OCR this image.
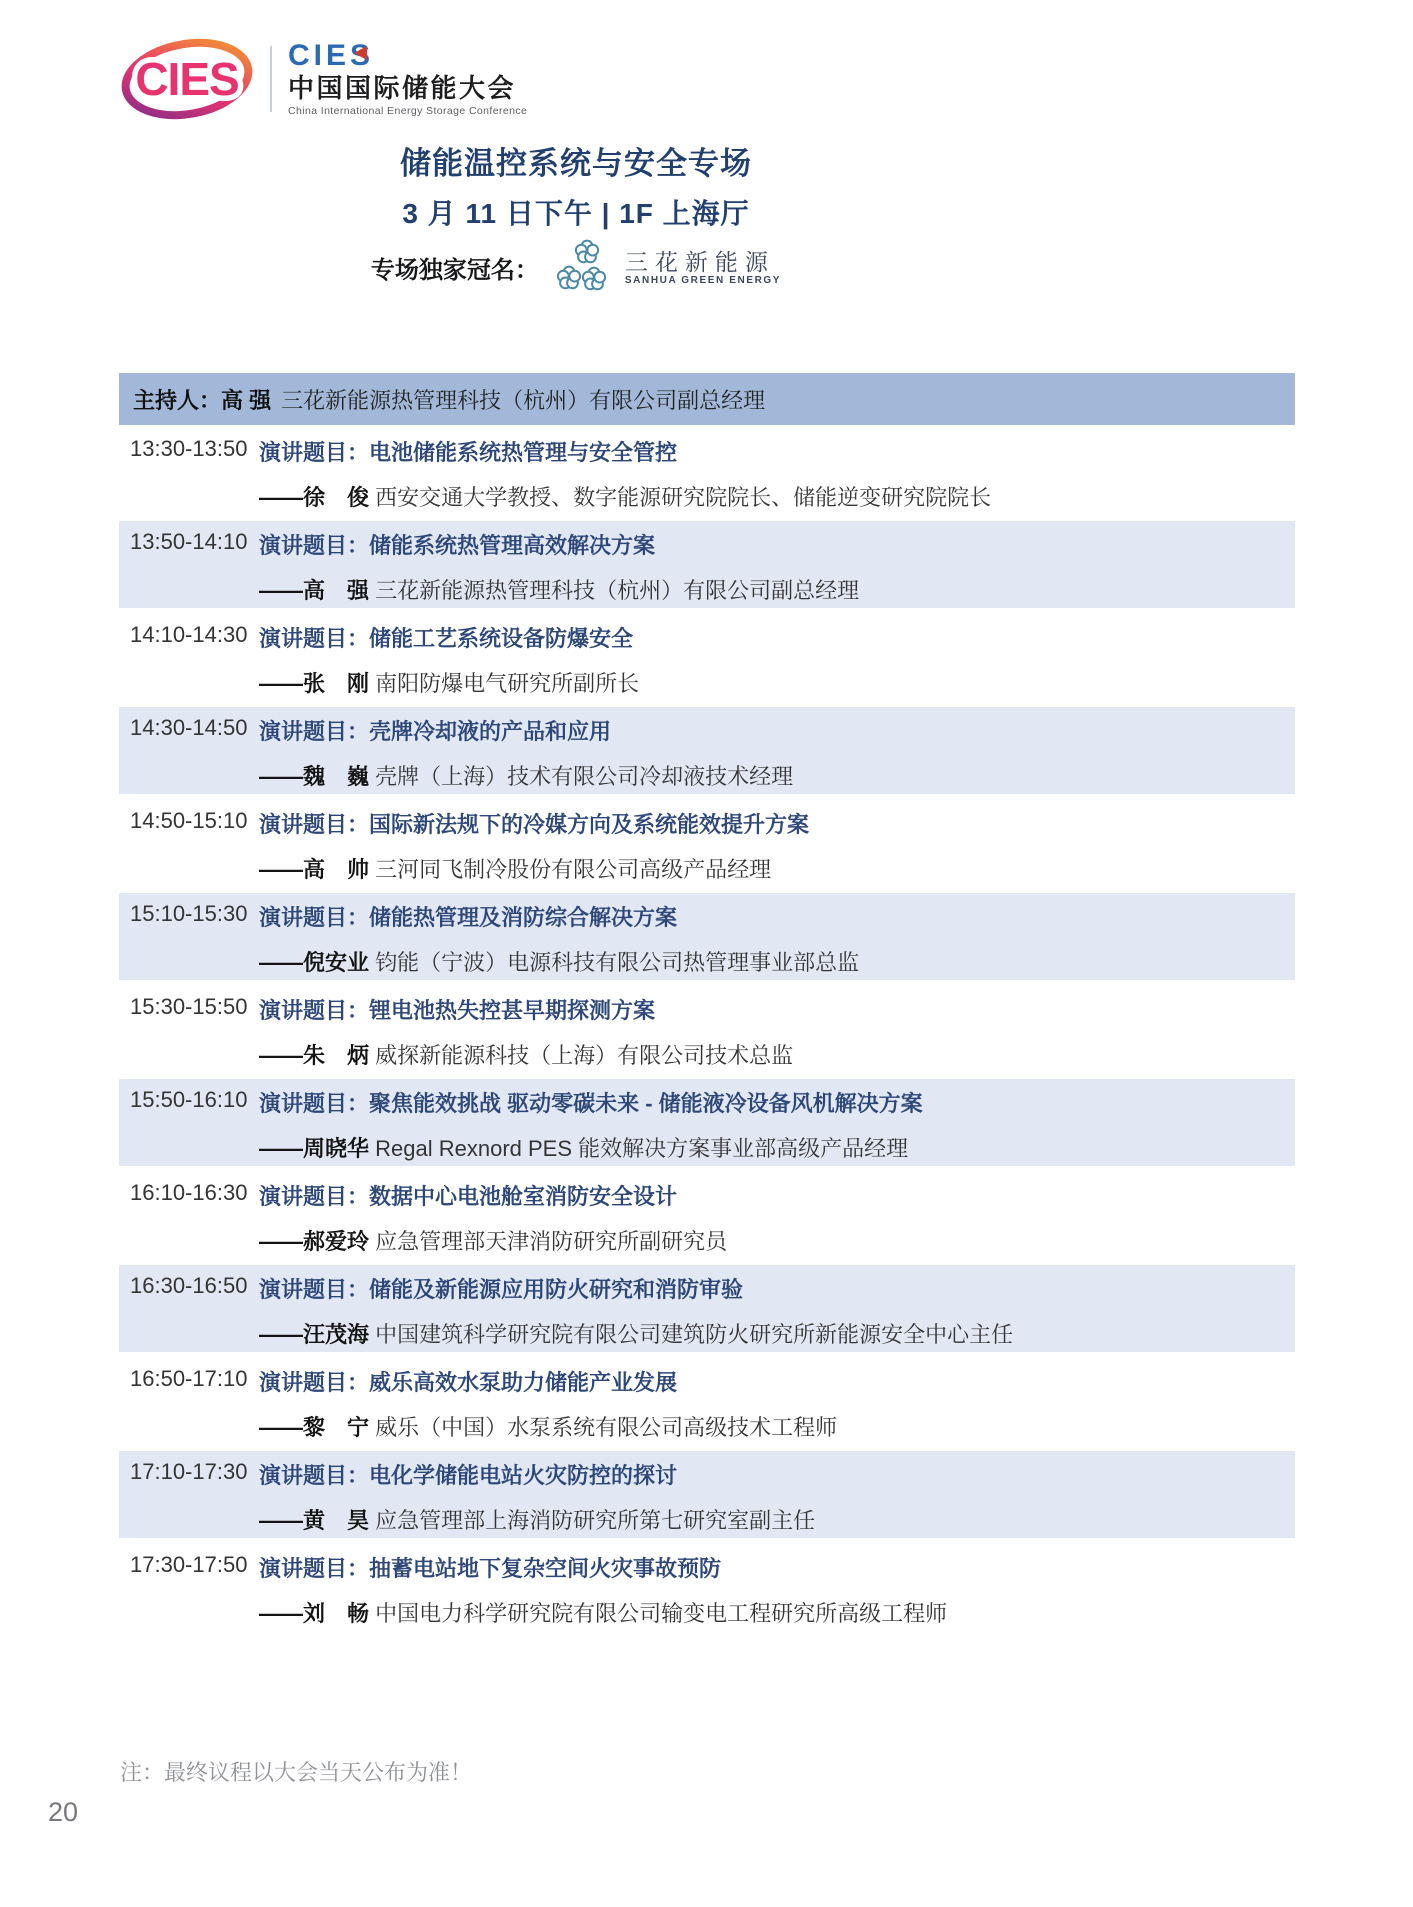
CIES CIES
中国国际储能大会
China International Energy Storage Conference
储能温控系统与安全专场
3 月 11 日下午 | 1F 上海厅
专场独家冠名：	三花新能源
SANHUA GREEN ENERGY
主持人：高 强 三花新能源热管理科技（杭州）有限公司副总经理
13:30-13:50 演讲题目：电池储能系统热管理与安全管控
——徐　俊 西安交通大学教授、数字能源研究院院长、储能逆变研究院院长
13:50-14:10 演讲题目：储能系统热管理高效解决方案
——高　强 三花新能源热管理科技（杭州）有限公司副总经理
14:10-14:30 演讲题目：储能工艺系统设备防爆安全
——张　刚 南阳防爆电气研究所副所长
14:30-14:50 演讲题目：壳牌冷却液的产品和应用
——魏　巍 壳牌（上海）技术有限公司冷却液技术经理
14:50-15:10 演讲题目：国际新法规下的冷媒方向及系统能效提升方案
——高　帅 三河同飞制冷股份有限公司高级产品经理
15:10-15:30 演讲题目：储能热管理及消防综合解决方案
——倪安业 钧能（宁波）电源科技有限公司热管理事业部总监
15:30-15:50 演讲题目：锂电池热失控甚早期探测方案
——朱　炳 威探新能源科技（上海）有限公司技术总监
15:50-16:10 演讲题目：聚焦能效挑战 驱动零碳未来 - 储能液冷设备风机解决方案
——周晓华 Regal Rexnord PES 能效解决方案事业部高级产品经理
16:10-16:30 演讲题目：数据中心电池舱室消防安全设计
——郝爱玲 应急管理部天津消防研究所副研究员
16:30-16:50 演讲题目：储能及新能源应用防火研究和消防审验
——汪茂海 中国建筑科学研究院有限公司建筑防火研究所新能源安全中心主任
16:50-17:10 演讲题目：威乐高效水泵助力储能产业发展
——黎　宁 威乐（中国）水泵系统有限公司高级技术工程师
17:10-17:30 演讲题目：电化学储能电站火灾防控的探讨
——黄　昊 应急管理部上海消防研究所第七研究室副主任
17:30-17:50 演讲题目：抽蓄电站地下复杂空间火灾事故预防
——刘　畅 中国电力科学研究院有限公司输变电工程研究所高级工程师
注：最终议程以大会当天公布为准！
20
